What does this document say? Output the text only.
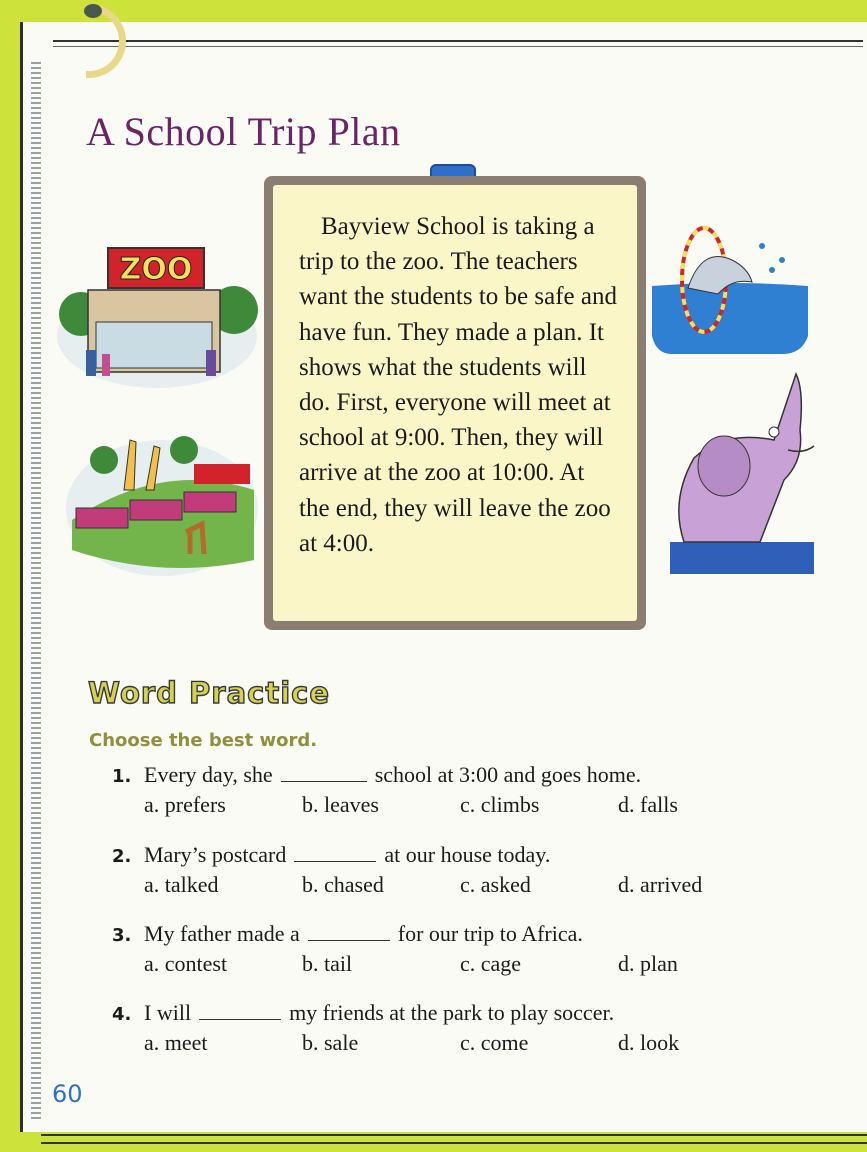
A School Trip Plan
ZOO

Bayview School is taking a trip to the zoo. The teachers want the students to be safe and have fun. They made a plan. It shows what the students will do. First, everyone will meet at school at 9:00. Then, they will arrive at the zoo at 10:00. At the end, they will leave the zoo at 4:00.

Word Practice

Choose the best word.

1. Every day, she	school at 3:00 and goes home.
a. prefers	b. leaves	c. climbs	d. falls
2. Mary’s postcard	at our house today.
a. talked	b. chased	c. asked	d. arrived
3. My father made a	for our trip to Africa.
a. contest	b. tail	c. cage	d. plan
4. I will	my friends at the park to play soccer.
a. meet	b. sale	c. come	d. look

60
